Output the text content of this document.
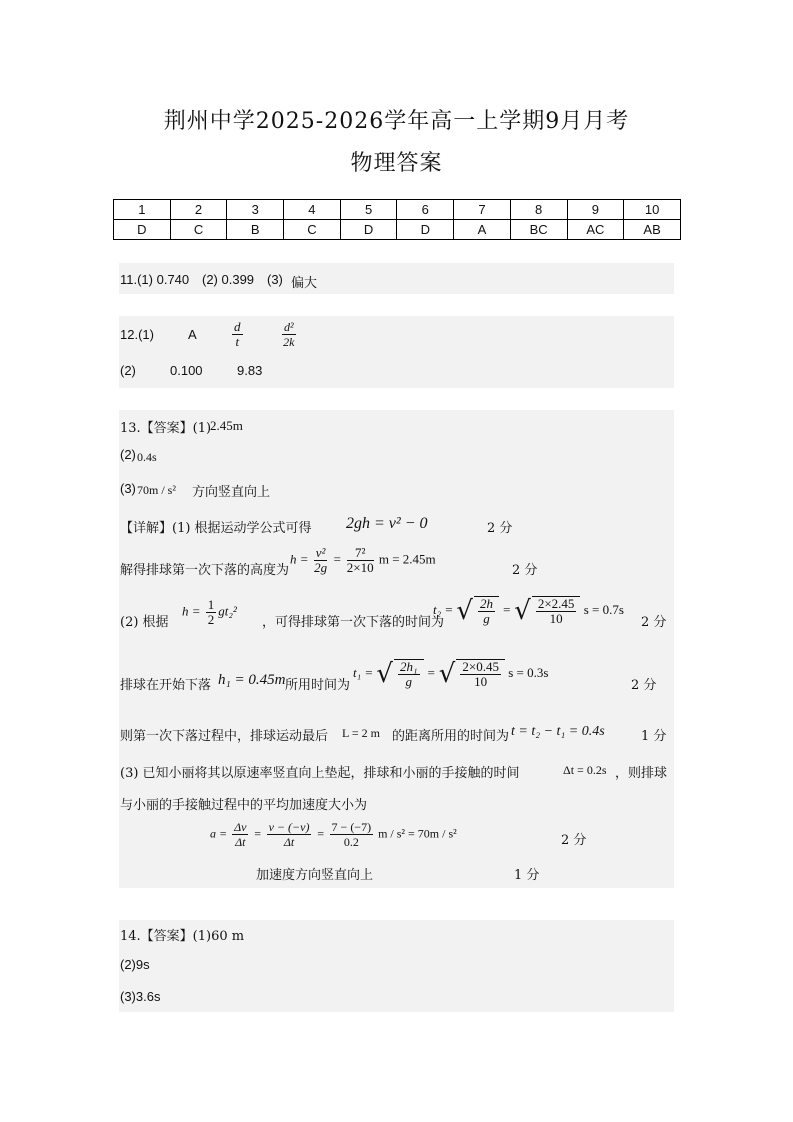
荆州中学2025-2026学年高一上学期9月月考
物理答案
1	2	3	4	5	6	7	8	9	10
D	C	B	C	D	D	A	BC	AC	AB
11.(1) 0.740 (2) 0.399 (3) 偏大
12.(1)	A	$\frac{d}{t}$	$\frac{\text{d²}}{2k}$
(2)	0.100	9.83
13.【答案】(1)
2.45m
(2) 0.4s
(3) 70m / s² 方向竖直向上
【详解】(1) 根据运动学公式可得 2gh = v² − 0	2 分
解得排球第一次下落的高度为
$h = \frac{\text{v²}}{2g} = \frac{\text{7²}}{2\times 10}$ m = 2.45m
2 分
(2) 根据
$h = \frac{1}{2} gt_2^2$
，可得排球第一次下落的时间为
t₂ = √ $\frac{2h}{g}$ = √ $\frac{2\times 2.45}{10}$ s = 0.7s
2 分
排球在开始下落 h₁ = 0.45m 所用时间为
t₁ = √ $\frac{\text{2h₁}}{g}$ = √ $\frac{2\times 0.45}{10}$ s = 0.3s
2 分
则第一次下落过程中，排球运动最后 L = 2 m 的距离所用的时间为 t = t₂ − t₁ = 0.4s	1 分
(3) 已知小丽将其以原速率竖直向上垫起，排球和小丽的手接触的时间	Δt = 0.2s ，则排球
与小丽的手接触过程中的平均加速度大小为
$a = \frac{\Delta v}{\Delta t} = \frac{v - (-v)}{\Delta t} = \frac{7 - (-7)}{0.2}$ m / s² = 70m / s²	2 分
加速度方向竖直向上	1 分
14.【答案】(1)60 m
(2)9s
(3)3.6s
